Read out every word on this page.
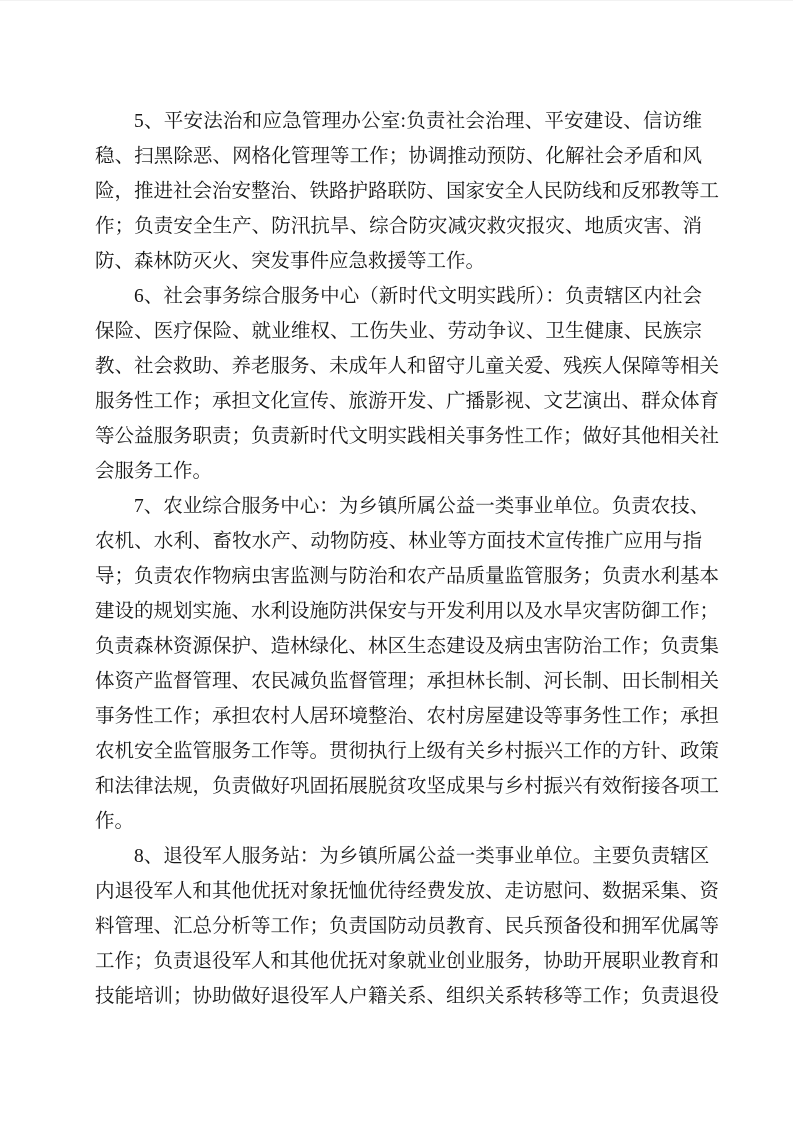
5、平安法治和应急管理办公室:负责社会治理、平安建设、信访维
稳、扫黑除恶、网格化管理等工作；协调推动预防、化解社会矛盾和风
险，推进社会治安整治、铁路护路联防、国家安全人民防线和反邪教等工
作；负责安全生产、防汛抗旱、综合防灾减灾救灾报灾、地质灾害、消
防、森林防灭火、突发事件应急救援等工作。

6、社会事务综合服务中心（新时代文明实践所）：负责辖区内社会
保险、医疗保险、就业维权、工伤失业、劳动争议、卫生健康、民族宗
教、社会救助、养老服务、未成年人和留守儿童关爱、残疾人保障等相关
服务性工作；承担文化宣传、旅游开发、广播影视、文艺演出、群众体育
等公益服务职责；负责新时代文明实践相关事务性工作；做好其他相关社
会服务工作。

7、农业综合服务中心：为乡镇所属公益一类事业单位。负责农技、
农机、水利、畜牧水产、动物防疫、林业等方面技术宣传推广应用与指
导；负责农作物病虫害监测与防治和农产品质量监管服务；负责水利基本
建设的规划实施、水利设施防洪保安与开发利用以及水旱灾害防御工作；
负责森林资源保护、造林绿化、林区生态建设及病虫害防治工作；负责集
体资产监督管理、农民减负监督管理；承担林长制、河长制、田长制相关
事务性工作；承担农村人居环境整治、农村房屋建设等事务性工作；承担
农机安全监管服务工作等。贯彻执行上级有关乡村振兴工作的方针、政策
和法律法规，负责做好巩固拓展脱贫攻坚成果与乡村振兴有效衔接各项工
作。

8、退役军人服务站：为乡镇所属公益一类事业单位。主要负责辖区
内退役军人和其他优抚对象抚恤优待经费发放、走访慰问、数据采集、资
料管理、汇总分析等工作；负责国防动员教育、民兵预备役和拥军优属等
工作；负责退役军人和其他优抚对象就业创业服务，协助开展职业教育和
技能培训；协助做好退役军人户籍关系、组织关系转移等工作；负责退役
